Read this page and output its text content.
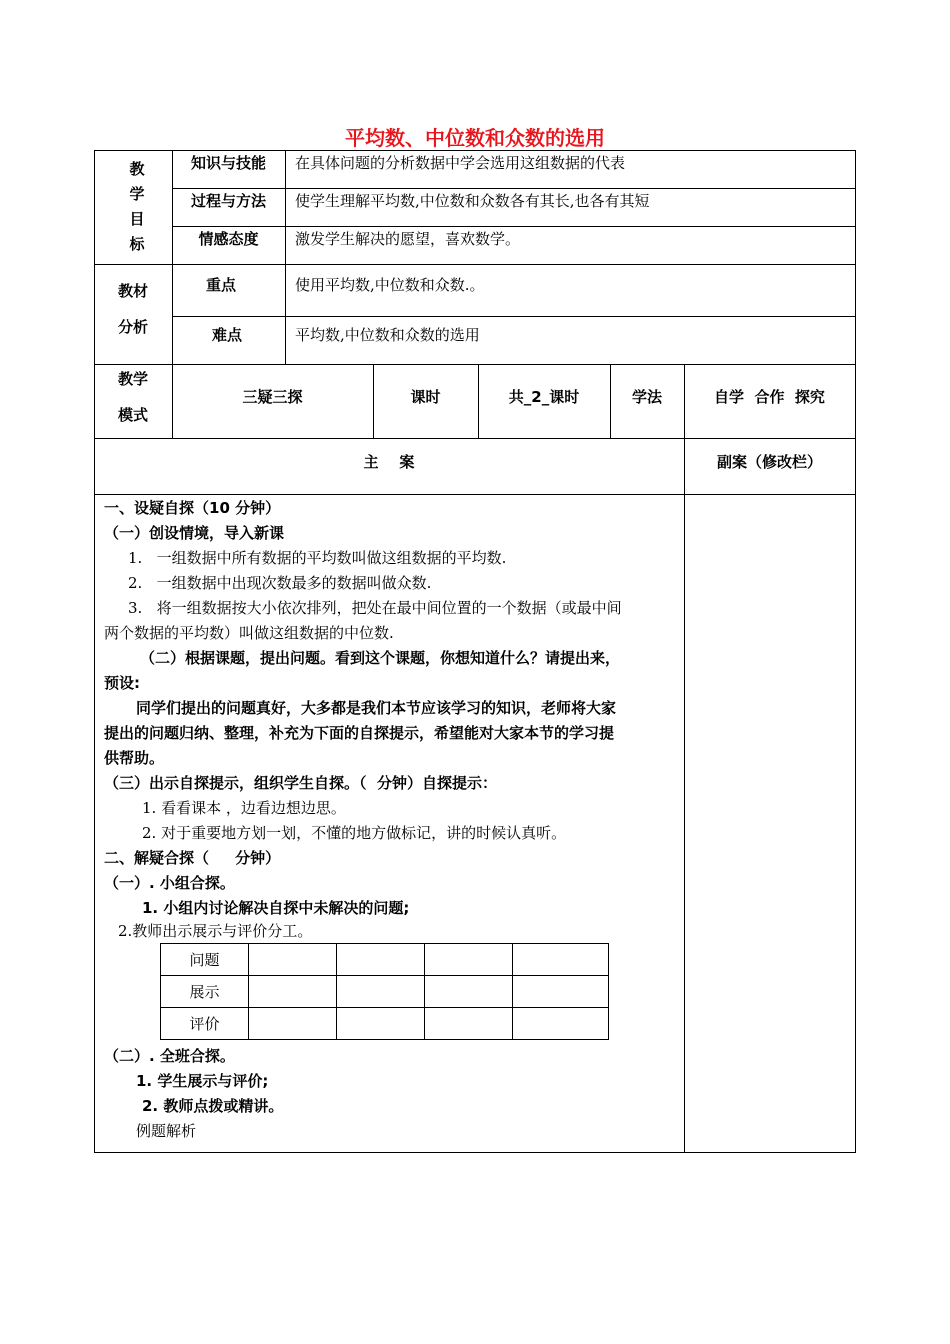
平均数、中位数和众数的选用
教
学
目
标
知识与技能	在具体问题的分析数据中学会选用这组数据的代表
过程与方法	使学生理解平均数,中位数和众数各有其长,也各有其短
情感态度	激发学生解决的愿望，喜欢数学。
教材
分析
重点	使用平均数,中位数和众数.。
难点	平均数,中位数和众数的选用
教学
模式
三疑三探	课时	共_2_课时	学法	自学  合作  探究
主    案	副案（修改栏）
一、设疑自探（10 分钟）
（一）创设情境，导入新课
1.   一组数据中所有数据的平均数叫做这组数据的平均数.
2.   一组数据中出现次数最多的数据叫做众数.
3.   将一组数据按大小依次排列，把处在最中间位置的一个数据（或最中间
两个数据的平均数）叫做这组数据的中位数.
（二）根据课题，提出问题。看到这个课题，你想知道什么？请提出来，
预设:
同学们提出的问题真好，大多都是我们本节应该学习的知识，老师将大家
提出的问题归纳、整理，补充为下面的自探提示，希望能对大家本节的学习提
供帮助。
（三）出示自探提示，组织学生自探。（  分钟）自探提示：
1. 看看课本 ，边看边想边思。
2. 对于重要地方划一划，不懂的地方做标记，讲的时候认真听。
二、解疑合探（     分钟）
（一）. 小组合探。
1. 小组内讨论解决自探中未解决的问题;
2.教师出示展示与评价分工。
问题				
展示				
评价				
（二）. 全班合探。
1. 学生展示与评价;
2. 教师点拨或精讲。
例题解析
